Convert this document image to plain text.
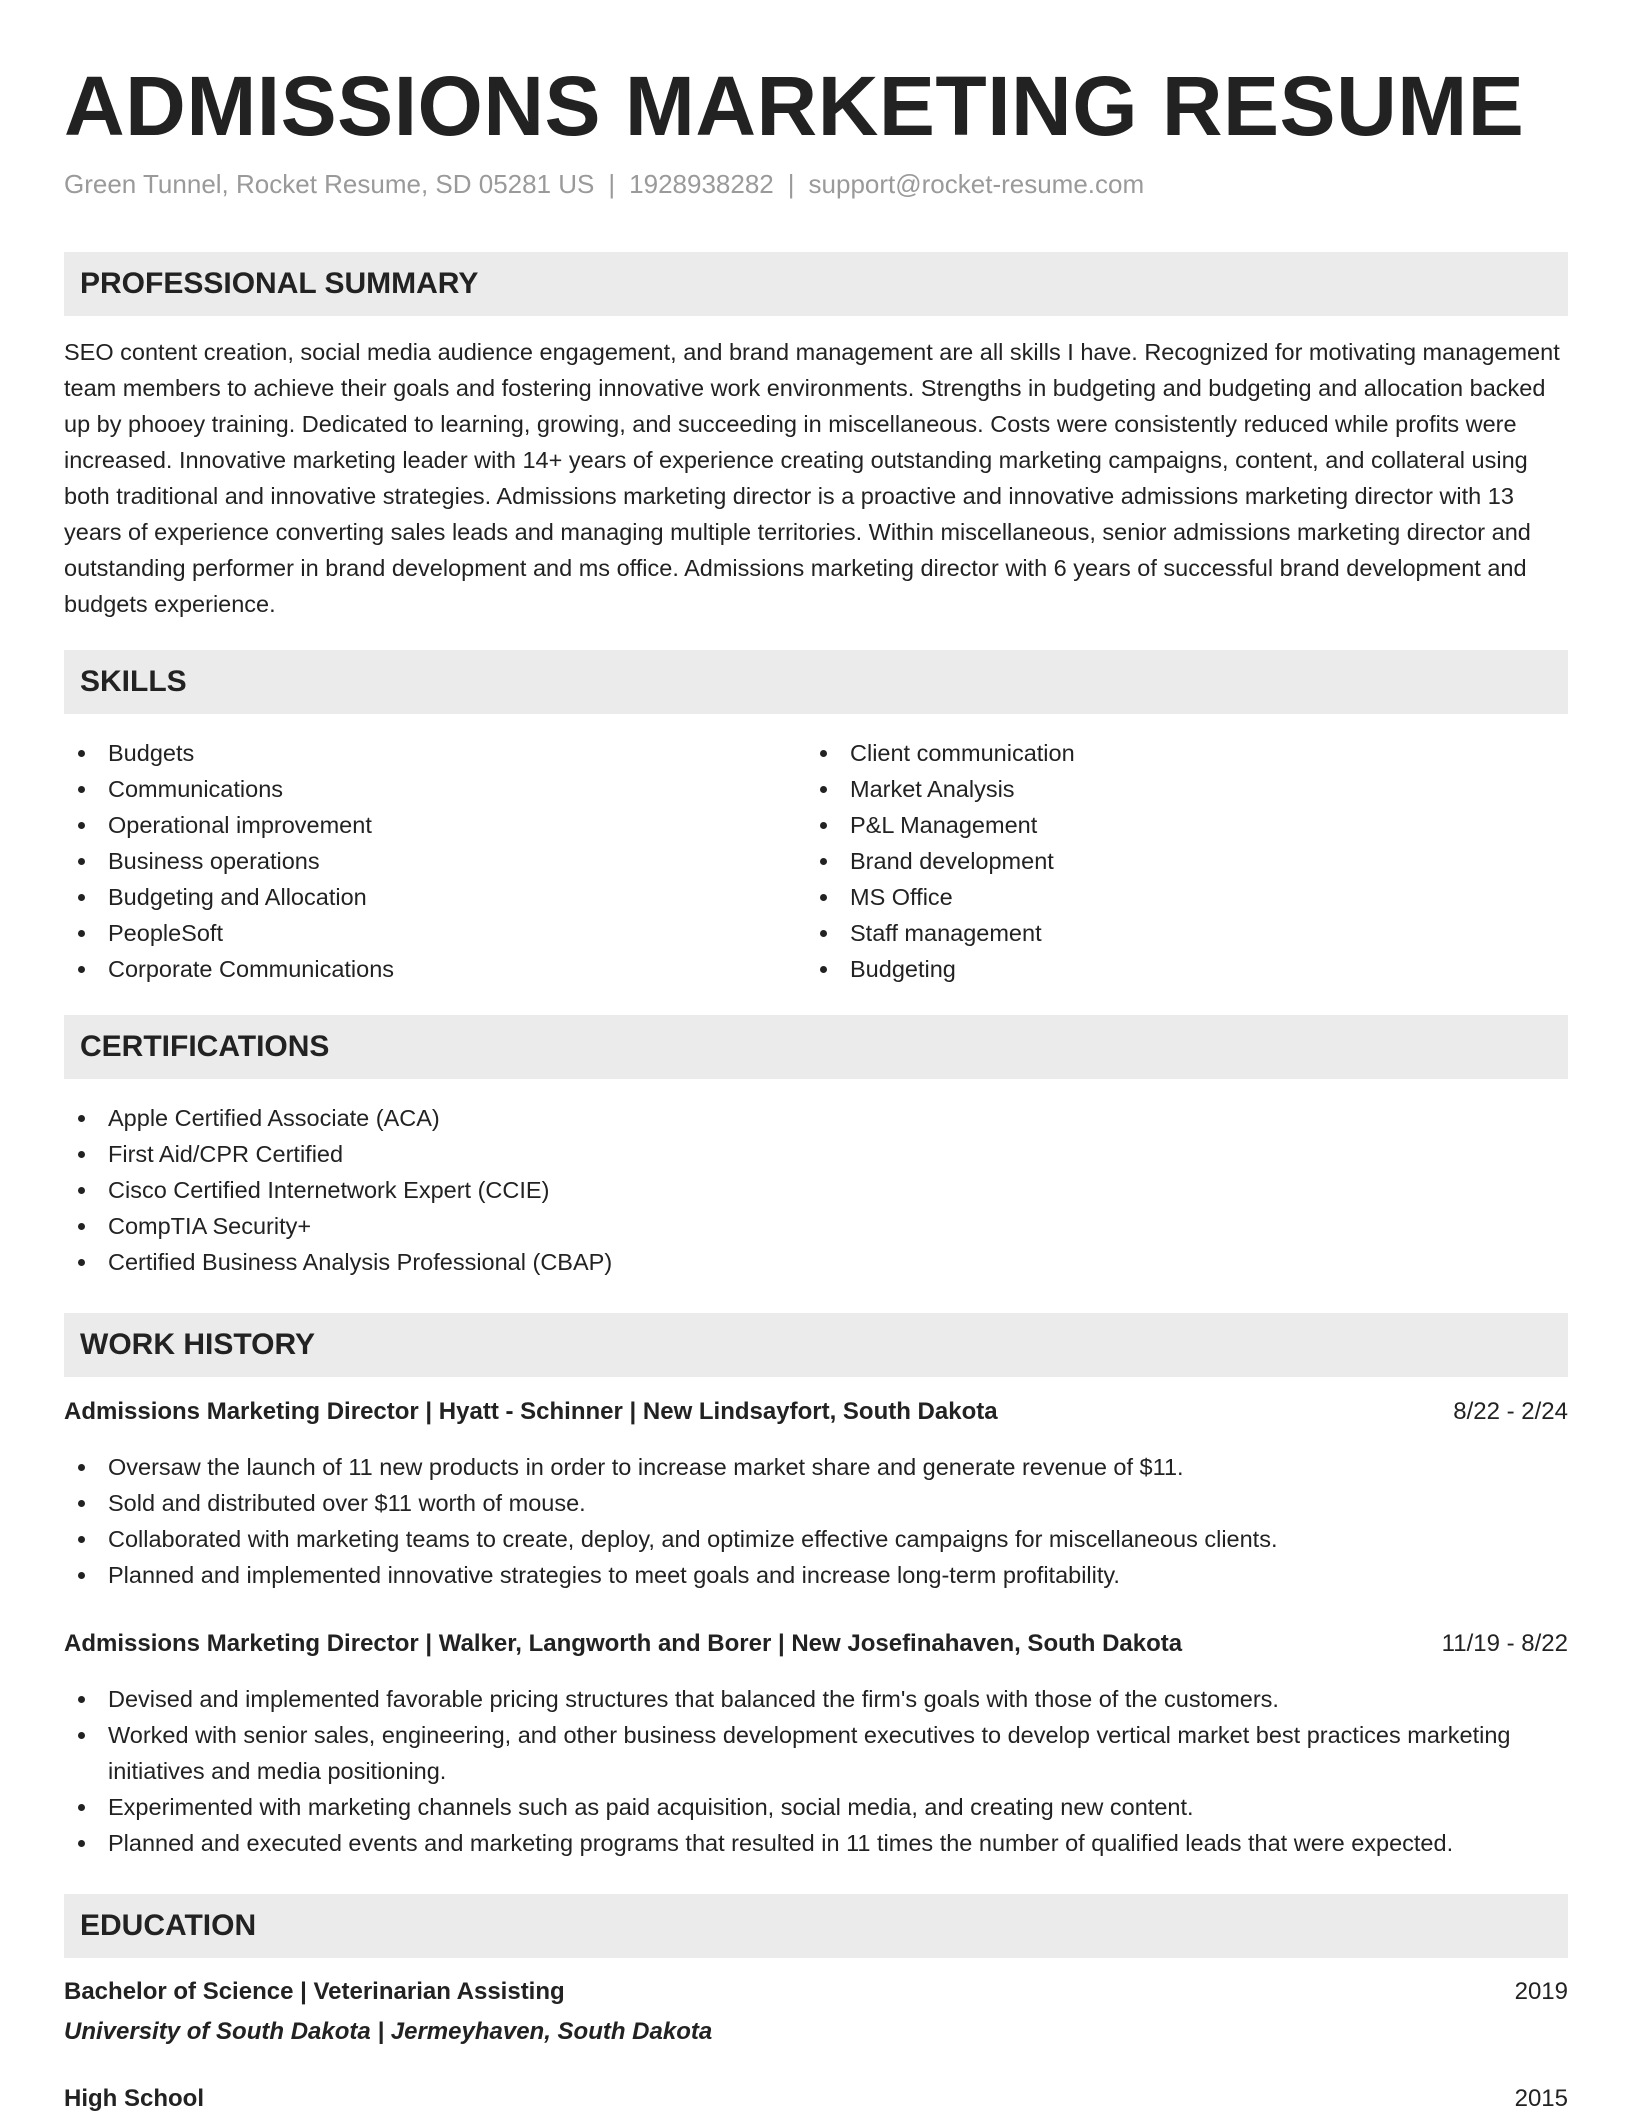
ADMISSIONS MARKETING RESUME
Green Tunnel, Rocket Resume, SD 05281 US | 1928938282 | support@rocket-resume.com
PROFESSIONAL SUMMARY
SEO content creation, social media audience engagement, and brand management are all skills I have. Recognized for motivating management team members to achieve their goals and fostering innovative work environments. Strengths in budgeting and budgeting and allocation backed up by phooey training. Dedicated to learning, growing, and succeeding in miscellaneous. Costs were consistently reduced while profits were increased. Innovative marketing leader with 14+ years of experience creating outstanding marketing campaigns, content, and collateral using both traditional and innovative strategies. Admissions marketing director is a proactive and innovative admissions marketing director with 13 years of experience converting sales leads and managing multiple territories. Within miscellaneous, senior admissions marketing director and outstanding performer in brand development and ms office. Admissions marketing director with 6 years of successful brand development and budgets experience.
SKILLS
Budgets
Communications
Operational improvement
Business operations
Budgeting and Allocation
PeopleSoft
Corporate Communications
Client communication
Market Analysis
P&L Management
Brand development
MS Office
Staff management
Budgeting
CERTIFICATIONS
Apple Certified Associate (ACA)
First Aid/CPR Certified
Cisco Certified Internetwork Expert (CCIE)
CompTIA Security+
Certified Business Analysis Professional (CBAP)
WORK HISTORY
Admissions Marketing Director | Hyatt - Schinner | New Lindsayfort, South Dakota	8/22 - 2/24
Oversaw the launch of 11 new products in order to increase market share and generate revenue of $11.
Sold and distributed over $11 worth of mouse.
Collaborated with marketing teams to create, deploy, and optimize effective campaigns for miscellaneous clients.
Planned and implemented innovative strategies to meet goals and increase long-term profitability.
Admissions Marketing Director | Walker, Langworth and Borer | New Josefinahaven, South Dakota	11/19 - 8/22
Devised and implemented favorable pricing structures that balanced the firm's goals with those of the customers.
Worked with senior sales, engineering, and other business development executives to develop vertical market best practices marketing initiatives and media positioning.
Experimented with marketing channels such as paid acquisition, social media, and creating new content.
Planned and executed events and marketing programs that resulted in 11 times the number of qualified leads that were expected.
EDUCATION
Bachelor of Science | Veterinarian Assisting	2019
University of South Dakota | Jermeyhaven, South Dakota
High School	2015
